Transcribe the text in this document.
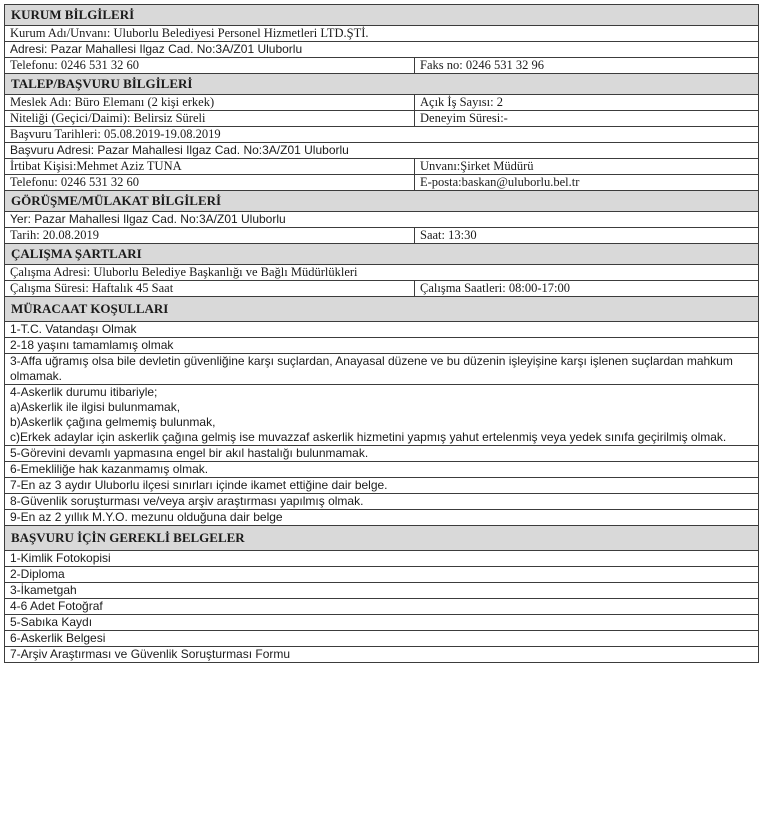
KURUM BİLGİLERİ	
Kurum Adı/Unvanı: Uluborlu Belediyesi Personel Hizmetleri LTD.ŞTİ.	
Adresi: Pazar Mahallesi Ilgaz Cad. No:3A/Z01 Uluborlu	
Telefonu: 0246 531 32 60	Faks no: 0246 531 32 96
TALEP/BAŞVURU BİLGİLERİ	
Meslek Adı: Büro Elemanı (2 kişi erkek)	Açık İş Sayısı: 2
Niteliği (Geçici/Daimi): Belirsiz Süreli	Deneyim Süresi:-
Başvuru Tarihleri: 05.08.2019-19.08.2019	
Başvuru Adresi: Pazar Mahallesi Ilgaz Cad. No:3A/Z01 Uluborlu	
İrtibat Kişisi:Mehmet Aziz TUNA	Unvanı:Şirket Müdürü
Telefonu: 0246 531 32 60	E-posta:baskan@uluborlu.bel.tr
GÖRÜŞME/MÜLAKAT BİLGİLERİ	
Yer: Pazar Mahallesi Ilgaz Cad. No:3A/Z01 Uluborlu	
Tarih: 20.08.2019	Saat: 13:30
ÇALIŞMA ŞARTLARI	
Çalışma Adresi: Uluborlu Belediye Başkanlığı ve Bağlı Müdürlükleri	
Çalışma Süresi: Haftalık 45 Saat	Çalışma Saatleri: 08:00-17:00
MÜRACAAT KOŞULLARI	
1-T.C. Vatandaşı Olmak	
2-18 yaşını tamamlamış olmak	
3-Affa uğramış olsa bile devletin güvenliğine karşı suçlardan, Anayasal düzene ve bu düzenin işleyişine karşı işlenen suçlardan mahkum olmamak.	

4-Askerlik durumu itibariyle;
a)Askerlik ile ilgisi bulunmamak,
b)Askerlik çağına gelmemiş bulunmak,
c)Erkek adaylar için askerlik çağına gelmiş ise muvazzaf askerlik hizmetini yapmış yahut ertelenmiş veya yedek sınıfa geçirilmiş olmak.	

5-Görevini devamlı yapmasına engel bir akıl hastalığı bulunmamak.	
6-Emekliliğe hak kazanmamış olmak.	
7-En az 3 aydır Uluborlu ilçesi sınırları içinde ikamet ettiğine dair belge.	
8-Güvenlik soruşturması ve/veya arşiv araştırması yapılmış olmak.	
9-En az 2 yıllık M.Y.O. mezunu olduğuna dair belge	
BAŞVURU İÇİN GEREKLİ BELGELER	
1-Kimlik Fotokopisi	
2-Diploma	
3-İkametgah	
4-6 Adet Fotoğraf	
5-Sabıka Kaydı	
6-Askerlik Belgesi	
7-Arşiv Araştırması ve Güvenlik Soruşturması Formu	
